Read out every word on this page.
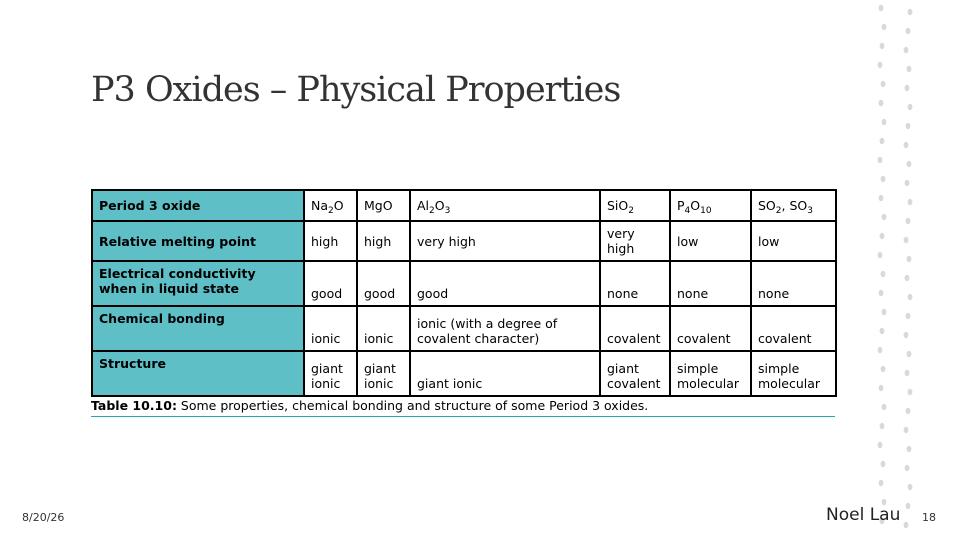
P3 Oxides – Physical Properties
Period 3 oxide	$Na_2O$	MgO	$Al_2O_3$	SiO$_2$	$P_4O_{10}$	$SO_2$, $SO_3$
Relative melting point	high	high	very high	very high	low	low
Electrical conductivity when in liquid state	good	good	good	none	none	none
Chemical bonding	ionic	ionic	ionic (with a degree of covalent character)	covalent	covalent	covalent
Structure	giant ionic	giant ionic	giant ionic	giant covalent	simple molecular	simple molecular
Table 10.10: Some properties, chemical bonding and structure of some Period 3 oxides.
8/20/26	Noel Lau 18
